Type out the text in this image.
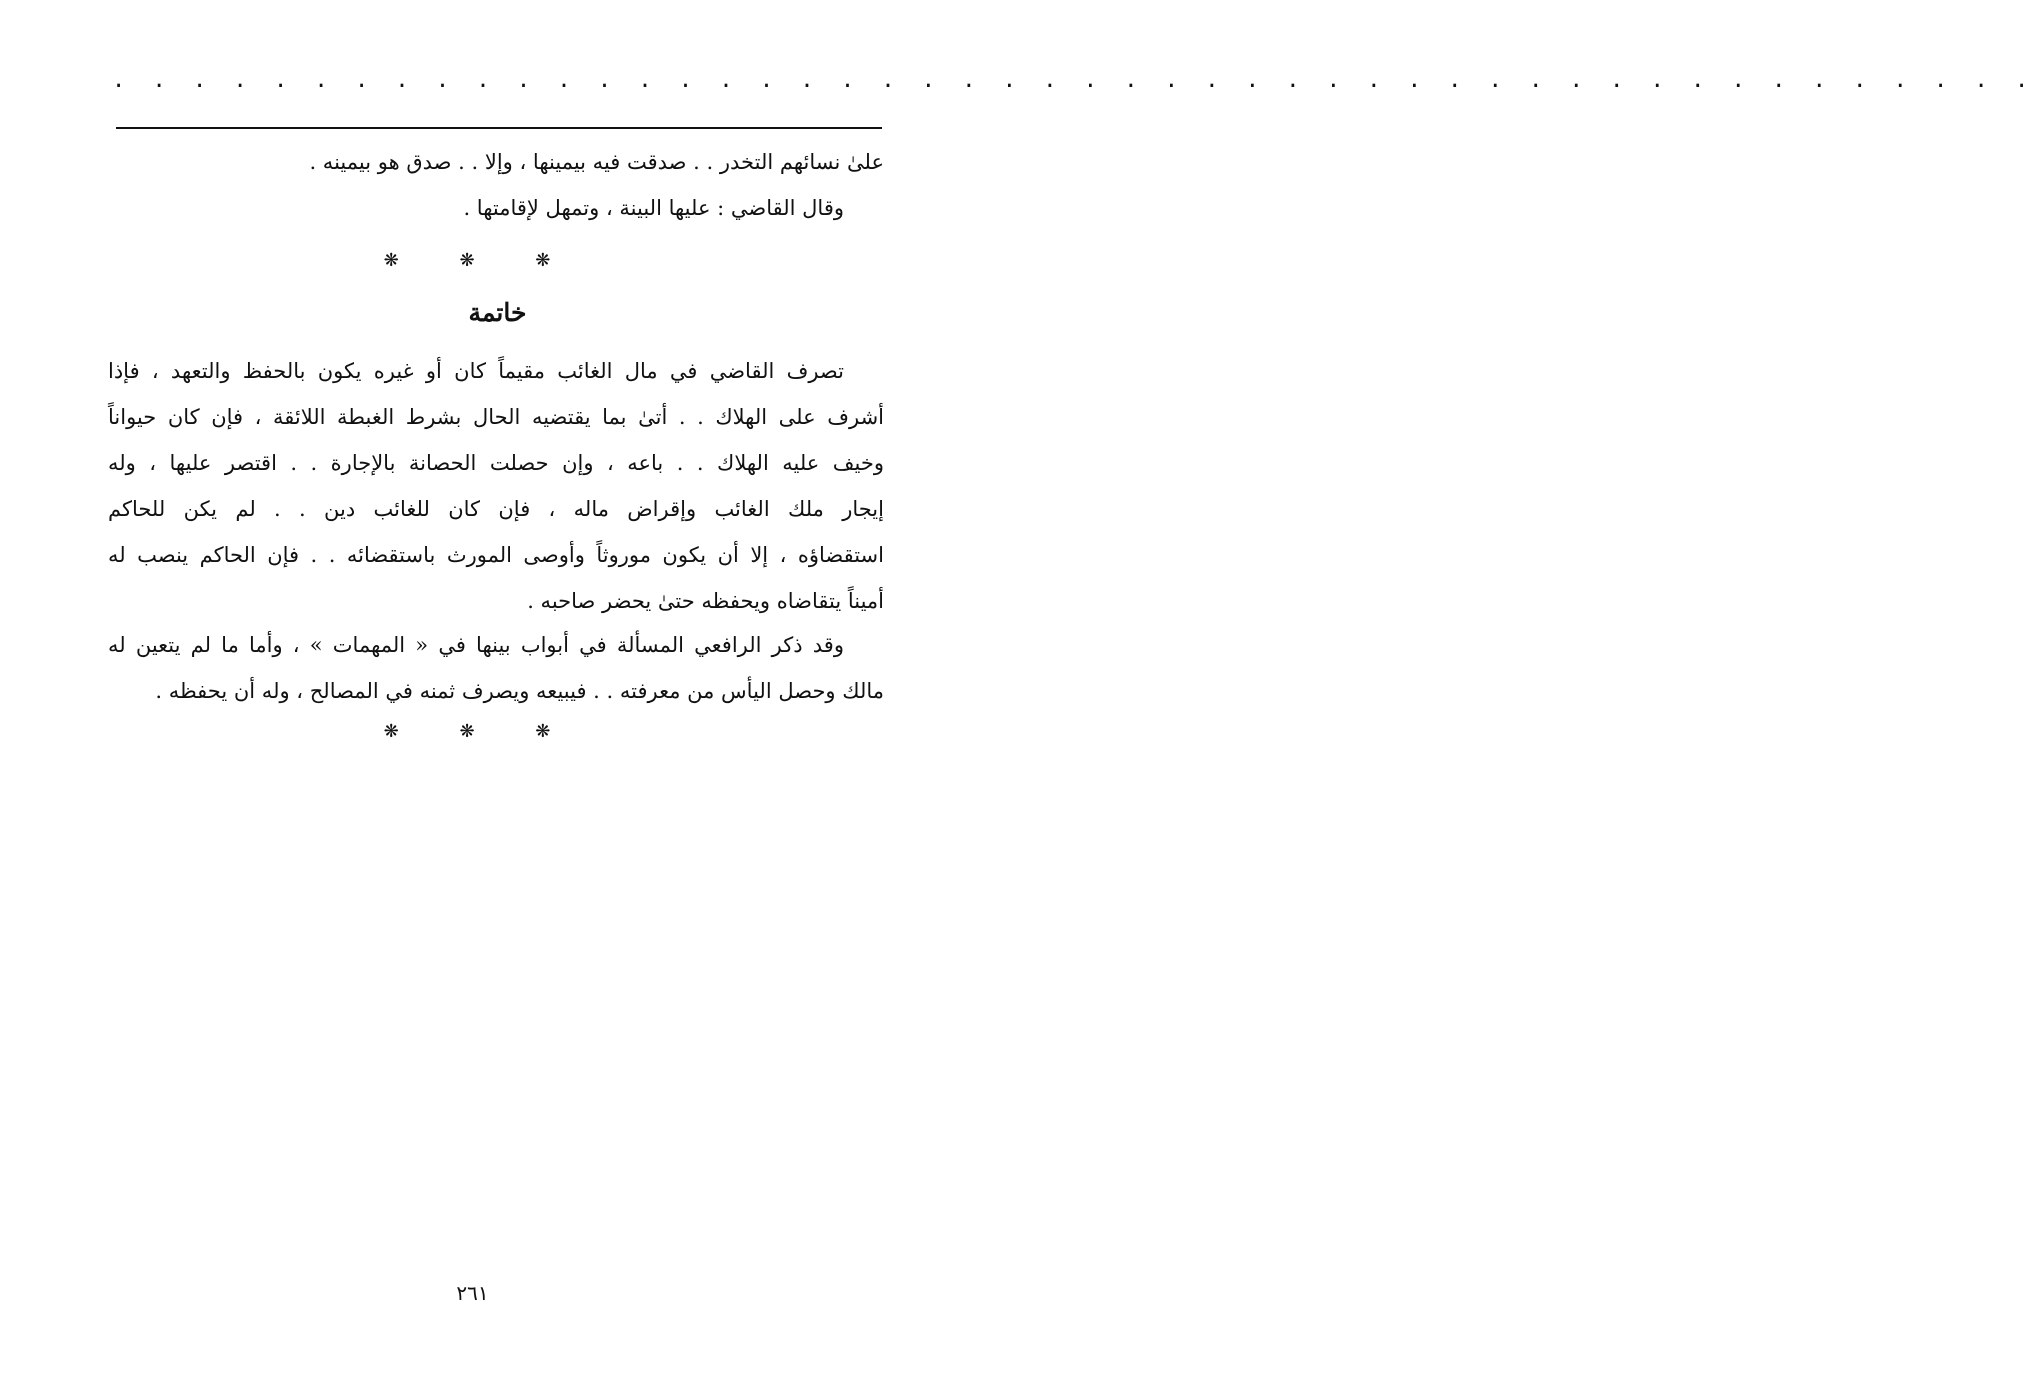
· · · · · · · · · · · · · · · · · · · · · · · · · · · · · · · · · · · · · · · · · · · · · · · ·
علىٰ نسائهم التخدر . . صدقت فيه بيمينها ، وإلا . . صدق هو بيمينه .
وقال القاضي : عليها البينة ، وتمهل لإقامتها .
❋ ❋ ❋
خاتمة
تصرف القاضي في مال الغائب مقيماً كان أو غيره يكون بالحفظ والتعهد ، فإذا
أشرف على الهلاك . . أتىٰ بما يقتضيه الحال بشرط الغبطة اللائقة ، فإن كان حيواناً
وخيف عليه الهلاك . . باعه ، وإن حصلت الحصانة بالإجارة . . اقتصر عليها ، وله
إيجار ملك الغائب وإقراض ماله ، فإن كان للغائب دين . . لم يكن للحاكم
استقضاؤه ، إلا أن يكون موروثاً وأوصى المورث باستقضائه . . فإن الحاكم ينصب له
أميناً يتقاضاه ويحفظه حتىٰ يحضر صاحبه .
وقد ذكر الرافعي المسألة في أبواب بينها في « المهمات » ، وأما ما لم يتعين له
مالك وحصل اليأس من معرفته . . فيبيعه ويصرف ثمنه في المصالح ، وله أن يحفظه .
❋ ❋ ❋
٢٦١
